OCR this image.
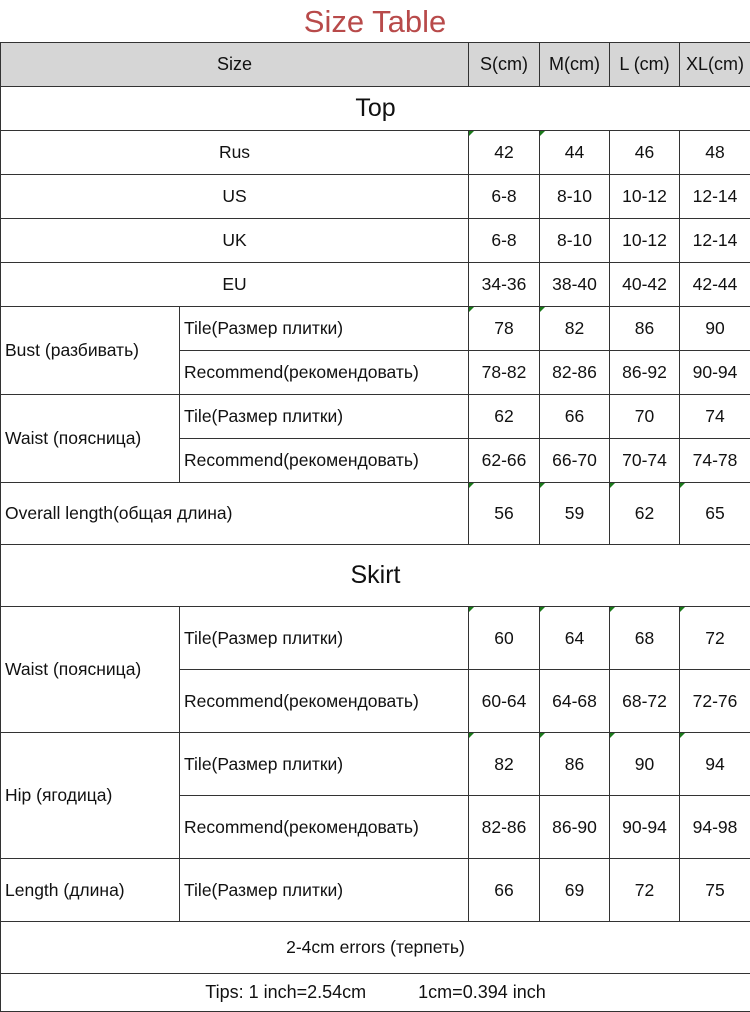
Size Table
Size		S(cm)	M(cm)	L (cm)	XL(cm)
Top					
Rus		42	44	46	48
US		6-8	8-10	10-12	12-14
UK		6-8	8-10	10-12	12-14
EU		34-36	38-40	40-42	42-44
Bust (разбивать)	Tile(Размер плитки)	78	82	86	90
	Recommend(рекомендовать)	78-82	82-86	86-92	90-94
Waist (поясница)	Tile(Размер плитки)	62	66	70	74
	Recommend(рекомендовать)	62-66	66-70	70-74	74-78
Overall length(общая длина)		56	59	62	65
Skirt					
Waist (поясница)	Tile(Размер плитки)	60	64	68	72
	Recommend(рекомендовать)	60-64	64-68	68-72	72-76
Hip (ягодица)	Tile(Размер плитки)	82	86	90	94
	Recommend(рекомендовать)	82-86	86-90	90-94	94-98
Length (длина)	Tile(Размер плитки)	66	69	72	75
2-4cm errors (терпеть)					
Tips: 1 inch=2.54cm 1cm=0.394 inch					
